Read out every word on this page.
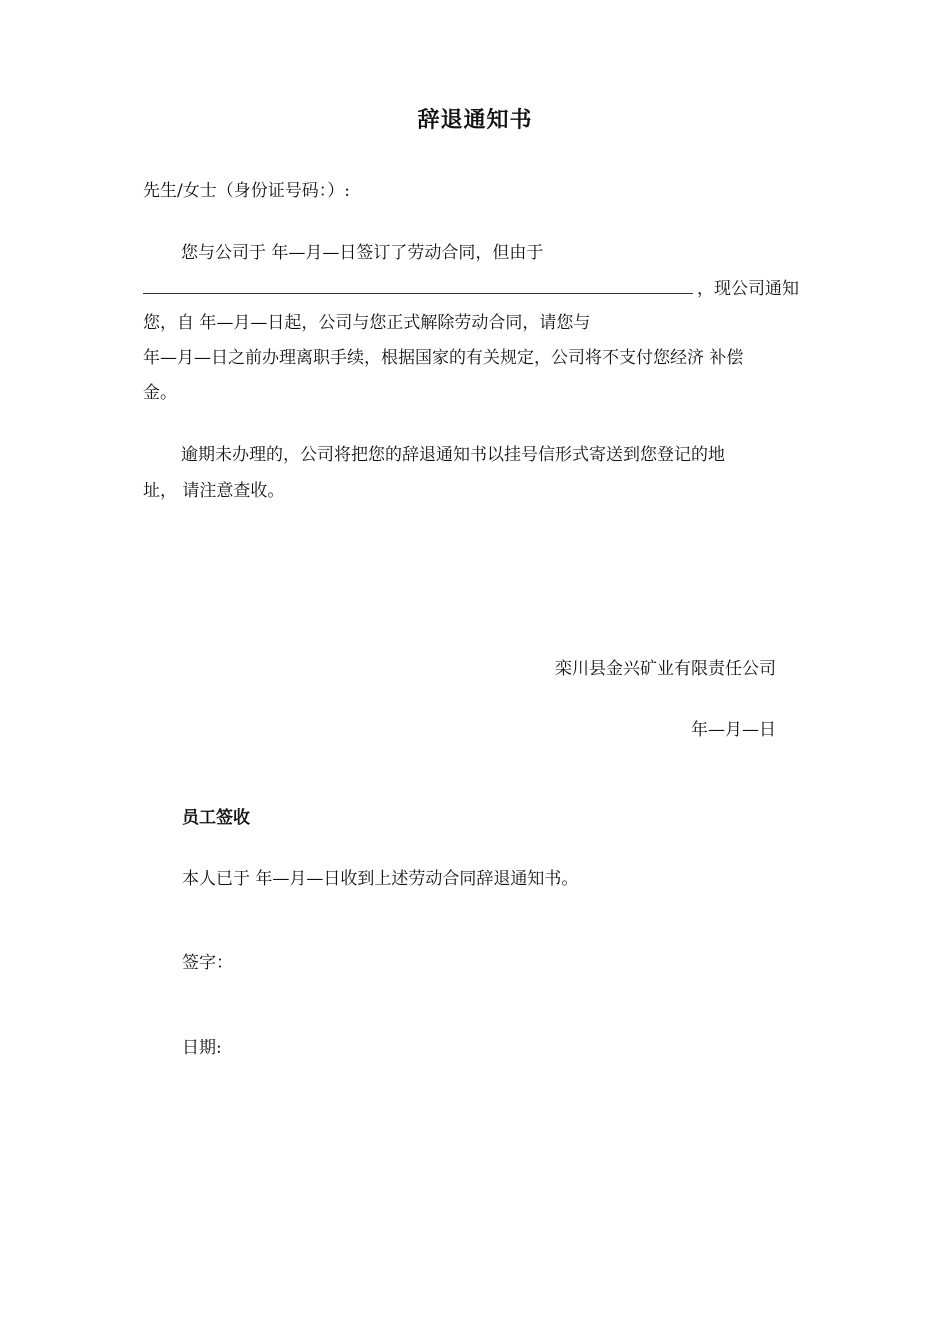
辞退通知书
先生/女士（身份证号码：）:
您与公司于 年—月—日签订了劳动合同，但由于
，现公司通知
您，自 年—月—日起，公司与您正式解除劳动合同，请您与
年—月—日之前办理离职手续，根据国家的有关规定，公司将不支付您经济 补偿
金。
逾期未办理的，公司将把您的辞退通知书以挂号信形式寄送到您登记的地
址， 请注意查收。
栾川县金兴矿业有限责任公司
年—月—日
员工签收
本人已于 年—月—日收到上述劳动合同辞退通知书。
签字：
日期:
